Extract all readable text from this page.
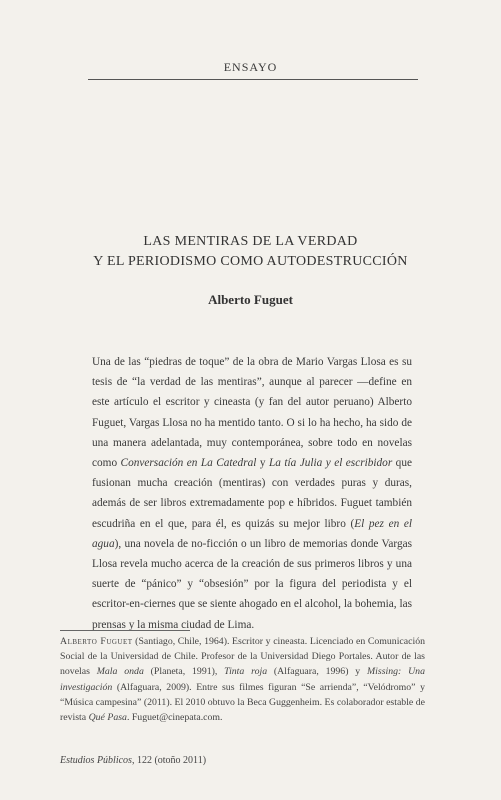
ENSAYO
LAS MENTIRAS DE LA VERDAD
Y EL PERIODISMO COMO AUTODESTRUCCIÓN
Alberto Fuguet

Una de las “piedras de toque” de la obra de Mario Vargas Llosa es su tesis de “la verdad de las mentiras”, aunque al parecer —define en este artículo el escritor y cineasta (y fan del autor peruano) Alberto Fuguet, Vargas Llosa no ha mentido tanto. O si lo ha hecho, ha sido de una manera adelantada, muy contemporánea, sobre todo en novelas como Conversación en La Catedral y La tía Julia y el escribidor que fusionan mucha creación (mentiras) con verdades puras y duras, además de ser libros extremadamente pop e híbridos. Fuguet también escudriña en el que, para él, es quizás su mejor libro (El pez en el agua), una novela de no-ficción o un libro de memorias donde Vargas Llosa revela mucho acerca de la creación de sus primeros libros y una suerte de “pánico” y “obsesión” por la figura del periodista y el escritor-en-ciernes que se siente ahogado en el alcohol, la bohemia, las prensas y la misma ciudad de Lima.

Alberto Fuguet (Santiago, Chile, 1964). Escritor y cineasta. Licenciado en Comunicación Social de la Universidad de Chile. Profesor de la Universidad Diego Portales. Autor de las novelas Mala onda (Planeta, 1991), Tinta roja (Alfaguara, 1996) y Missing: Una investigación (Alfaguara, 2009). Entre sus filmes figuran “Se arrienda”, “Velódromo” y “Música campesina” (2011). El 2010 obtuvo la Beca Guggenheim. Es colaborador estable de revista Qué Pasa. Fuguet@cinepata.com.
Estudios Públicos, 122 (otoño 2011)
